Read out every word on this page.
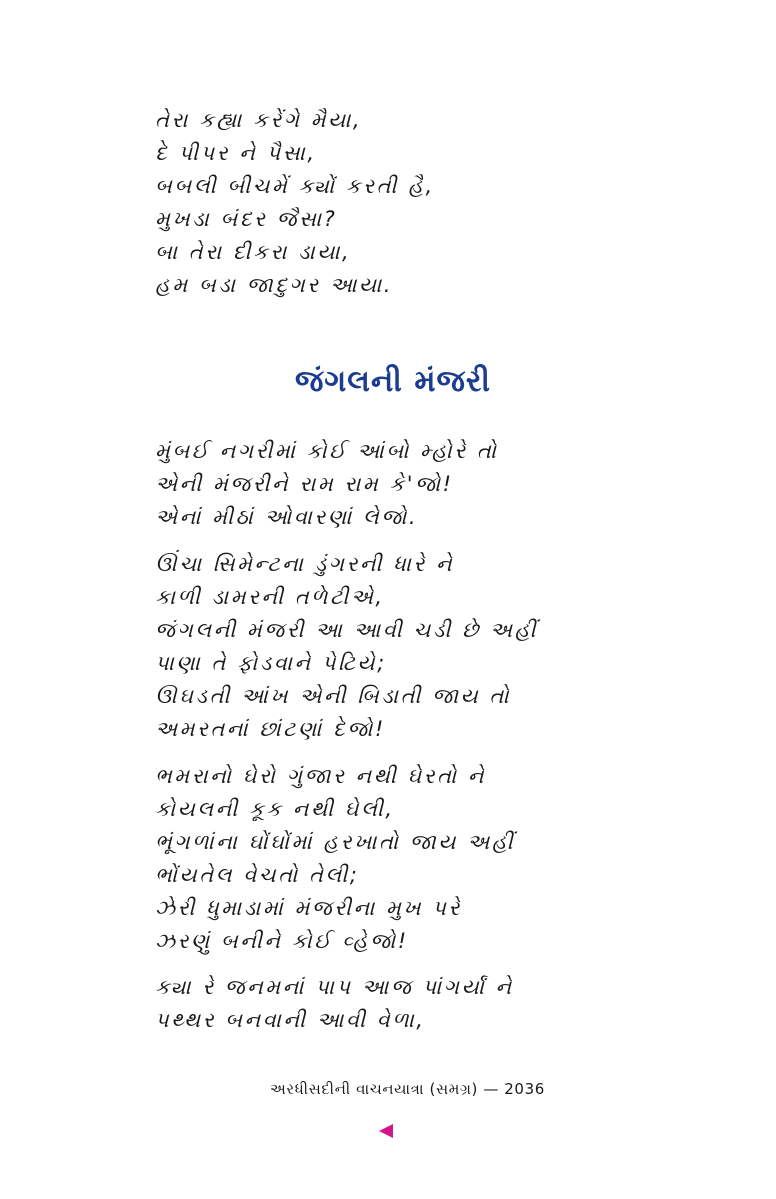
તેરા કહ્યા કરેંગે મૈયા,
દે પીપર ને પૈસા,
બબલી બીચમેં ક્યોં કરતી હૈ,
મુખડા બંદર જૈસા?
બા તેરા દીકરા ડાયા,
હમ બડા જાદુગર આયા.
જંગલની મંજરી
મુંબઈ નગરીમાં કોઈ આંબો મ્હોરે તો
એની મંજરીને રામ રામ કે'જો!
એનાં મીઠાં ઓવારણાં લેજો.
ઊંચા સિમેન્ટના ડુંગરની ધારે ને
કાળી ડામરની તળેટીએ,
જંગલની મંજરી આ આવી ચડી છે અહીં
પાણા તે ફોડવાને પેટિયે;
ઊઘડતી આંખ એની બિડાતી જાય તો
અમરતનાં છાંટણાં દેજો!
ભમરાનો ઘેરો ગુંજાર નથી ઘેરતો ને
કોયલની કૂક નથી ઘેલી,
ભૂંગળાંના ઘોંઘોંમાં હરખાતો જાય અહીં
ભોંયતેલ વેચતો તેલી;
ઝેરી ધુમાડામાં મંજરીના મુખ પરે
ઝરણું બનીને કોઈ વ્હેજો!
ક્યા રે જનમનાં પાપ આજ પાંગર્યાં ને
પથ્થર બનવાની આવી વેળા,
અરધીસદીની વાચનયાત્રા (સમગ્ર) — 2036
